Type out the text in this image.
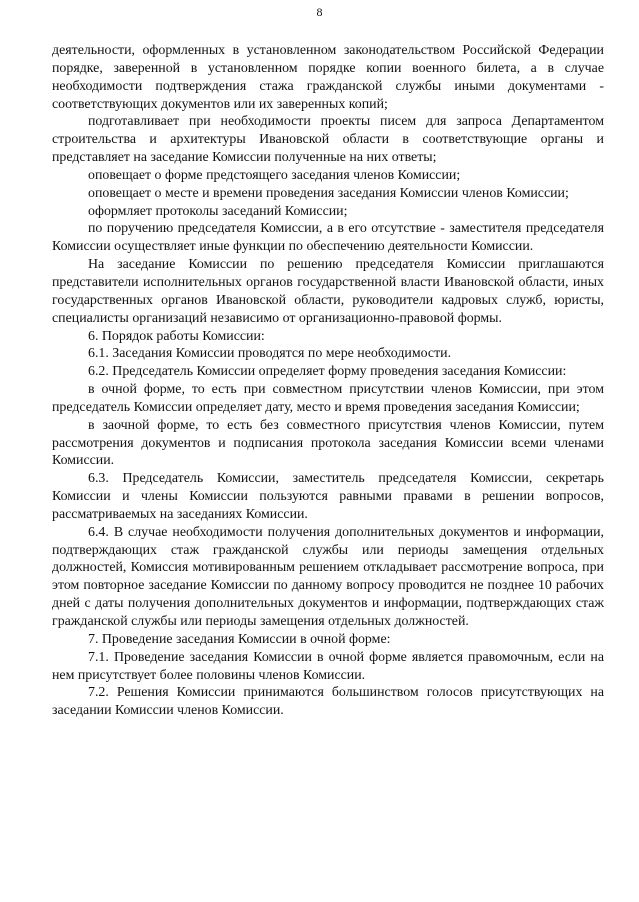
8

деятельности, оформленных в установленном законодательством Российской Федерации порядке, заверенной в установленном порядке копии военного билета, а в случае необходимости подтверждения стажа гражданской службы иными документами - соответствующих документов или их заверенных копий;

подготавливает при необходимости проекты писем для запроса Департаментом строительства и архитектуры Ивановской области в соответствующие органы и представляет на заседание Комиссии полученные на них ответы;

оповещает о форме предстоящего заседания членов Комиссии;

оповещает о месте и времени проведения заседания Комиссии членов Комиссии;

оформляет протоколы заседаний Комиссии;

по поручению председателя Комиссии, а в его отсутствие - заместителя председателя Комиссии осуществляет иные функции по обеспечению деятельности Комиссии.

На заседание Комиссии по решению председателя Комиссии приглашаются представители исполнительных органов государственной власти Ивановской области, иных государственных органов Ивановской области, руководители кадровых служб, юристы, специалисты организаций независимо от организационно-правовой формы.

6. Порядок работы Комиссии:

6.1. Заседания Комиссии проводятся по мере необходимости.

6.2. Председатель Комиссии определяет форму проведения заседания Комиссии:

в очной форме, то есть при совместном присутствии членов Комиссии, при этом председатель Комиссии определяет дату, место и время проведения заседания Комиссии;

в заочной форме, то есть без совместного присутствия членов Комиссии, путем рассмотрения документов и подписания протокола заседания Комиссии всеми членами Комиссии.

6.3. Председатель Комиссии, заместитель председателя Комиссии, секретарь Комиссии и члены Комиссии пользуются равными правами в решении вопросов, рассматриваемых на заседаниях Комиссии.

6.4. В случае необходимости получения дополнительных документов и информации, подтверждающих стаж гражданской службы или периоды замещения отдельных должностей, Комиссия мотивированным решением откладывает рассмотрение вопроса, при этом повторное заседание Комиссии по данному вопросу проводится не позднее 10 рабочих дней с даты получения дополнительных документов и информации, подтверждающих стаж гражданской службы или периоды замещения отдельных должностей.

7. Проведение заседания Комиссии в очной форме:

7.1. Проведение заседания Комиссии в очной форме является правомочным, если на нем присутствует более половины членов Комиссии.

7.2. Решения Комиссии принимаются большинством голосов присутствующих на заседании Комиссии членов Комиссии.
